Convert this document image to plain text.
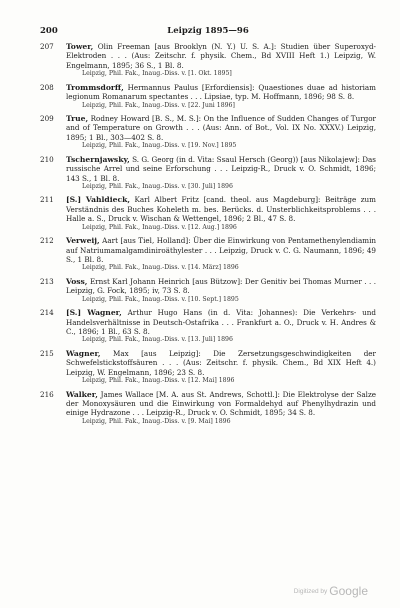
200	Leipzig 1895—96
207 Tower, Olin Freeman [aus Brooklyn (N. Y.) U. S. A.]: Studien über Superoxyd-Elektroden . . . (Aus: Zeitschr. f. physik. Chem., Bd XVIII Heft 1.) Leipzig, W. Engelmann, 1895; 36 S., 1 Bl. 8.
Leipzig, Phil. Fak., Inaug.-Diss. v. [1. Okt. 1895]
208 Trommsdorff, Hermannus Paulus [Erfordiensis]: Quaestiones duae ad historiam legionum Romanarum spectantes . . . Lipsiae, typ. M. Hoffmann, 1896; 98 S. 8.
Leipzig, Phil. Fak., Inaug.-Diss. v. [22. Juni 1896]
209 True, Rodney Howard [B. S., M. S.]: On the Influence of Sudden Changes of Turgor and of Temperature on Growth . . . (Aus: Ann. of Bot., Vol. IX No. XXXV.) Leipzig, 1895; 1 Bl., 303—402 S. 8.
Leipzig, Phil. Fak., Inaug.-Diss. v. [19. Nov.] 1895
210 Tschernjawsky, S. G. Georg (in d. Vita: Ssaul Hersch (Georg)) [aus Nikolajew]: Das russische Arrel und seine Erforschung . . . Leipzig-R., Druck v. O. Schmidt, 1896; 143 S., 1 Bl. 8.
Leipzig, Phil. Fak., Inaug.-Diss. v. [30. Juli] 1896
211 [S.] Vahldieck, Karl Albert Fritz [cand. theol. aus Magdeburg]: Beiträge zum Verständnis des Buches Koheleth m. bes. Berücks. d. Unsterblichkeitsproblems . . . Halle a. S., Druck v. Wischan & Wettengel, 1896; 2 Bl., 47 S. 8.
Leipzig, Phil. Fak., Inaug.-Diss. v. [12. Aug.] 1896
212 Verweij, Aart [aus Tiel, Holland]: Über die Einwirkung von Pentamethenylendiamin auf Natriumamalgamdiniroäthylester . . . Leipzig, Druck v. C. G. Naumann, 1896; 49 S., 1 Bl. 8.
Leipzig, Phil. Fak., Inaug.-Diss. v. [14. März] 1896
213 Voss, Ernst Karl Johann Heinrich [aus Bützow]: Der Genitiv bei Thomas Murner . . . Leipzig, G. Fock, 1895; iv, 73 S. 8.
Leipzig, Phil. Fak., Inaug.-Diss. v. [10. Sept.] 1895
214 [S.] Wagner, Arthur Hugo Hans (in d. Vita: Johannes): Die Verkehrs- und Handelsverhältnisse in Deutsch-Ostafrika . . . Frankfurt a. O., Druck v. H. Andres & C., 1896; 1 Bl., 63 S. 8.
Leipzig, Phil. Fak., Inaug.-Diss. v. [13. Juli] 1896
215 Wagner, Max [aus Leipzig]: Die Zersetzungsgeschwindigkeiten der Schwefelstickstoffsäuren . . . (Aus: Zeitschr. f. physik. Chem., Bd XIX Heft 4.) Leipzig, W. Engelmann, 1896; 23 S. 8.
Leipzig, Phil. Fak., Inaug.-Diss. v. [12. Mai] 1896
216 Walker, James Wallace [M. A. aus St. Andrews, Schottl.]: Die Elektrolyse der Salze der Monoxysäuren und die Einwirkung von Formaldehyd auf Phenylhydrazin und einige Hydrazone . . . Leipzig-R., Druck v. O. Schmidt, 1895; 34 S. 8.
Leipzig, Phil. Fak., Inaug.-Diss. v. [9. Mai] 1896
Digitized by Google
